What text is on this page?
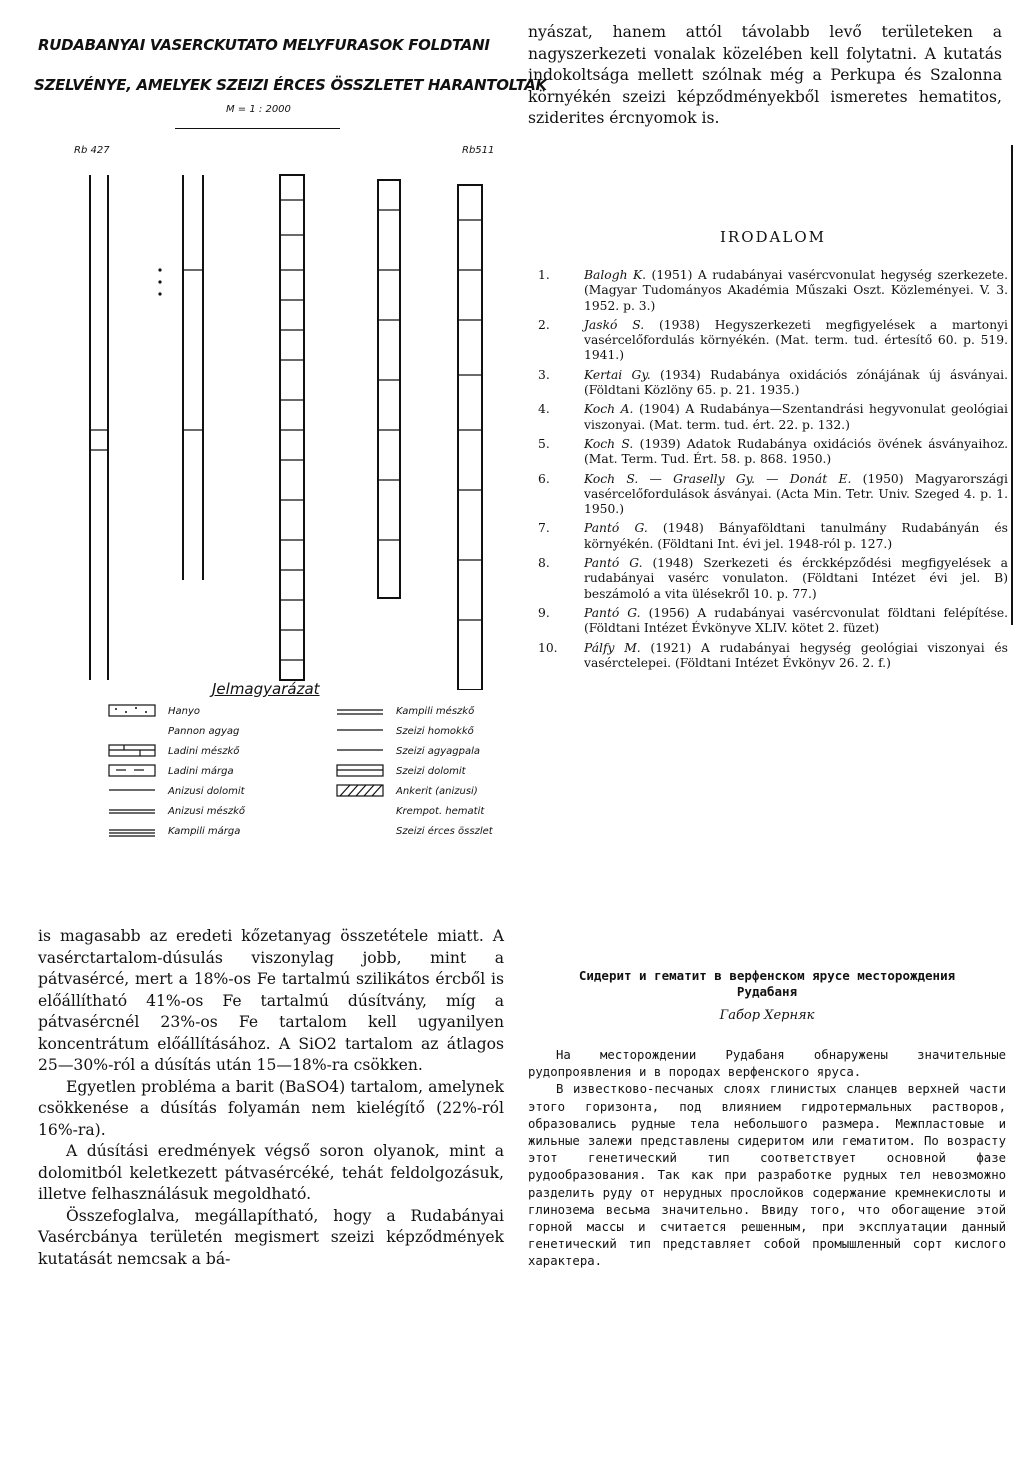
RUDABANYAI VASERCKUTATO MELYFURASOK FOLDTANI
SZELVÉNYE, AMELYEK SZEIZI ÉRCES ÖSSZLETET HARANTOLTAK
M = 1 : 2000
Rb 427	Rb511
Jelmagyarázat
Hanyo
Pannon agyag
Ladini mészkő
Ladini márga
Anizusi dolomit
Anizusi mészkő
Kampili márga
Kampili mészkő
Szeizi homokkő
Szeizi agyagpala
Szeizi dolomit
Ankerit (anizusi)
Krempot. hematit
Szeizi érces összlet

nyászat, hanem attól távolabb levő területeken a nagyszerkezeti vonalak közelében kell folytatni. A kutatás indokoltsága mellett szólnak még a Perkupa és Szalonna környékén szeizi képződményekből ismeretes hematitos, sziderites ércnyomok is.

IRODALOM
1.	Balogh K. (1951) A rudabányai vasércvonulat hegység szerkezete. (Magyar Tudományos Akadémia Műszaki Oszt. Közleményei. V. 3. 1952. p. 3.)
2.	Jaskó S. (1938) Hegyszerkezeti megfigyelések a martonyi vasércelőfordulás környékén. (Mat. term. tud. értesítő 60. p. 519. 1941.)
3.	Kertai Gy. (1934) Rudabánya oxidációs zónájának új ásványai. (Földtani Közlöny 65. p. 21. 1935.)
4.	Koch A. (1904) A Rudabánya—Szentandrási hegyvonulat geológiai viszonyai. (Mat. term. tud. ért. 22. p. 132.)
5.	Koch S. (1939) Adatok Rudabánya oxidációs övének ásványaihoz. (Mat. Term. Tud. Ért. 58. p. 868. 1950.)
6.	Koch S. — Graselly Gy. — Donát E. (1950) Magyarországi vasércelőfordulások ásványai. (Acta Min. Tetr. Univ. Szeged 4. p. 1. 1950.)
7.	Pantó G. (1948) Bányaföldtani tanulmány Rudabányán és környékén. (Földtani Int. évi jel. 1948-ról p. 127.)
8.	Pantó G. (1948) Szerkezeti és érckképződési megfigyelések a rudabányai vasérc vonulaton. (Földtani Intézet évi jel. B) beszámoló a vita ülésekről 10. p. 77.)
9.	Pantó G. (1956) A rudabányai vasércvonulat földtani felépítése. (Földtani Intézet Évkönyve XLIV. kötet 2. füzet)
10.	Pálfy M. (1921) A rudabányai hegység geológiai viszonyai és vasérctelepei. (Földtani Intézet Évkönyv 26. 2. f.)

is magasabb az eredeti kőzetanyag összetétele miatt. A vasérctartalom-dúsulás viszonylag jobb, mint a pátvasércé, mert a 18%-os Fe tartalmú szilikátos ércből is előállítható 41%-os Fe tartalmú dúsítvány, míg a pátvasércnél 23%-os Fe tartalom kell ugyanilyen koncentrátum előállításához. A SiO2 tartalom az átlagos 25—30%-ról a dúsítás után 15—18%-ra csökken.

Egyetlen probléma a barit (BaSO4) tartalom, amelynek csökkenése a dúsítás folyamán nem kielégítő (22%-ról 16%-ra).

A dúsítási eredmények végső soron olyanok, mint a dolomitból keletkezett pátvasércéké, tehát feldolgozásuk, illetve felhasználásuk megoldható.

Összefoglalva, megállapítható, hogy a Rudabányai Vasércbánya területén megismert szeizi képződmények kutatását nemcsak a bá-

Сидерит и гематит в верфенском ярусе месторождения
Рудабаня
Габор Херняк

На месторождении Рудабаня обнаружены значительные рудопроявления и в породах верфенского яруса.

В известково-песчаных слоях глинистых сланцев верхней части этого горизонта, под влиянием гидротермальных растворов, образовались рудные тела небольшого размера. Межпластовые и жильные залежи представлены сидеритом или гематитом. По возрасту этот генетический тип соответствует основной фазе рудообразования. Так как при разработке рудных тел невозможно разделить руду от нерудных прослойков содержание кремнекислоты и глинозема весьма значительно. Ввиду того, что обогащение этой горной массы и считается решенным, при эксплуатации данный генетический тип представляет собой промышленный сорт кислого характера.
